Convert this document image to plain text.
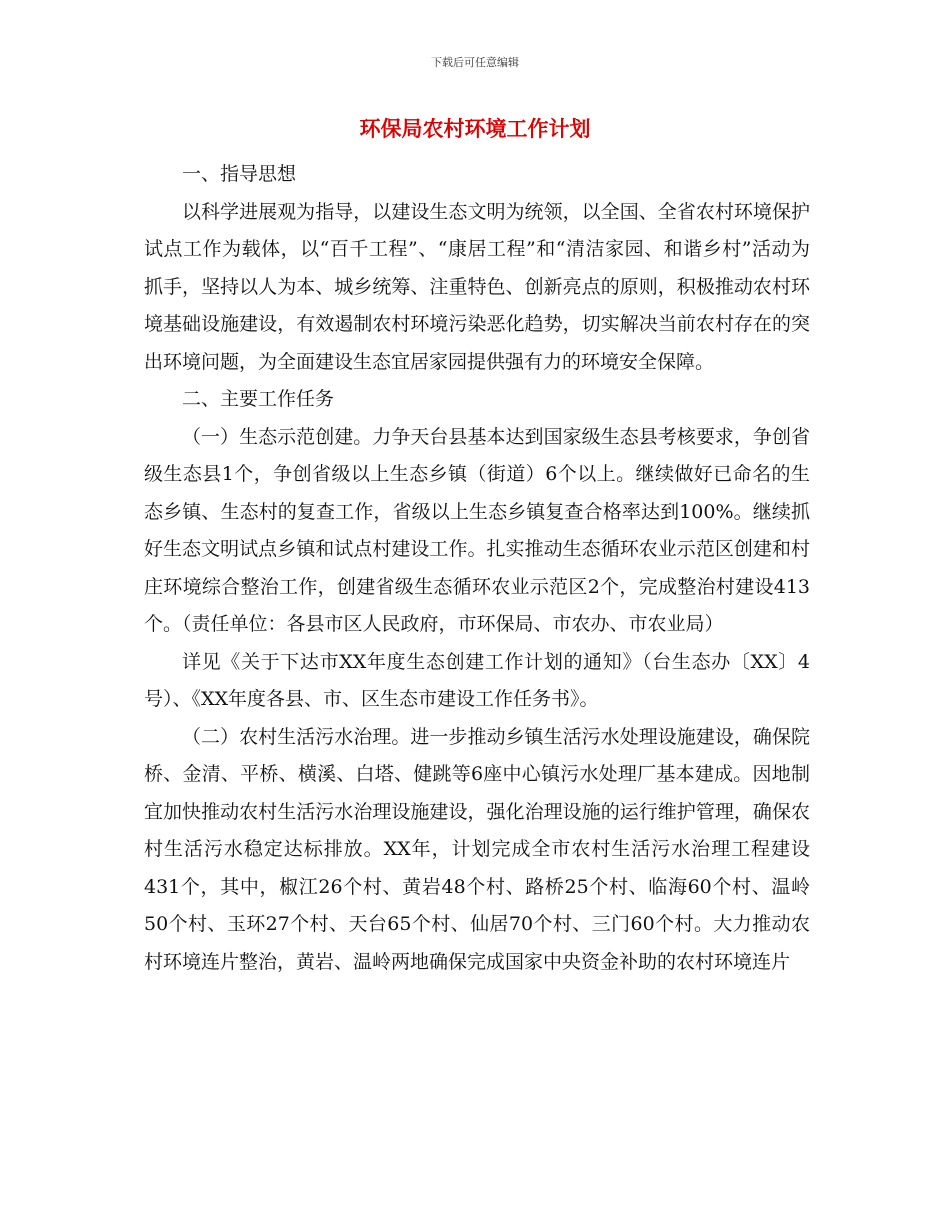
下载后可任意编辑
环保局农村环境工作计划

一、指导思想

以科学进展观为指导，以建设生态文明为统领，以全国、全省农村环境保护试点工作为载体，以“百千工程”、“康居工程”和“清洁家园、和谐乡村”活动为抓手，坚持以人为本、城乡统筹、注重特色、创新亮点的原则，积极推动农村环境基础设施建设，有效遏制农村环境污染恶化趋势，切实解决当前农村存在的突出环境问题，为全面建设生态宜居家园提供强有力的环境安全保障。

二、主要工作任务

（一）生态示范创建。力争天台县基本达到国家级生态县考核要求，争创省级生态县1个，争创省级以上生态乡镇（街道）6个以上。继续做好已命名的生态乡镇、生态村的复查工作，省级以上生态乡镇复查合格率达到100%。继续抓好生态文明试点乡镇和试点村建设工作。扎实推动生态循环农业示范区创建和村庄环境综合整治工作，创建省级生态循环农业示范区2个，完成整治村建设413个。（责任单位：各县市区人民政府，市环保局、市农办、市农业局）

详见《关于下达市XX年度生态创建工作计划的通知》（台生态办〔XX〕4号）、《XX年度各县、市、区生态市建设工作任务书》。

（二）农村生活污水治理。进一步推动乡镇生活污水处理设施建设，确保院桥、金清、平桥、横溪、白塔、健跳等6座中心镇污水处理厂基本建成。因地制宜加快推动农村生活污水治理设施建设，强化治理设施的运行维护管理，确保农村生活污水稳定达标排放。XX年，计划完成全市农村生活污水治理工程建设431个，其中，椒江26个村、黄岩48个村、路桥25个村、临海60个村、温岭50个村、玉环27个村、天台65个村、仙居70个村、三门60个村。大力推动农村环境连片整治，黄岩、温岭两地确保完成国家中央资金补助的农村环境连片
